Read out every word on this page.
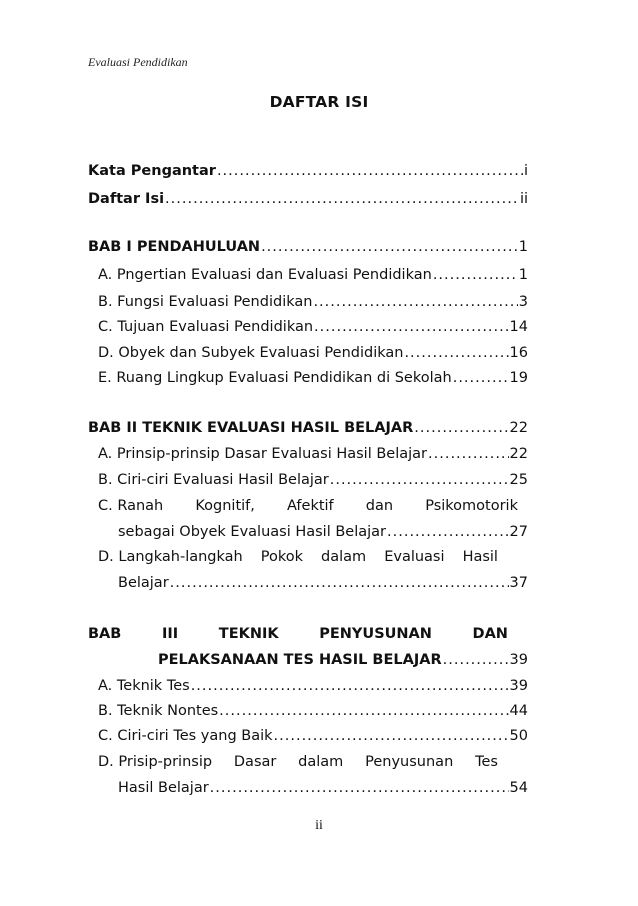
Evaluasi Pendidikan
DAFTAR ISI
Kata Pengantar .....	i
Daftar Isi .....	ii
BAB I PENDAHULUAN .....	1
A. Pngertian Evaluasi dan Evaluasi Pendidikan .....	1
B. Fungsi Evaluasi Pendidikan .....	3
C. Tujuan Evaluasi Pendidikan .....	14
D. Obyek dan Subyek Evaluasi Pendidikan .....	16
E. Ruang Lingkup Evaluasi Pendidikan di Sekolah .....	19
BAB II TEKNIK EVALUASI HASIL BELAJAR .....	22
A. Prinsip-prinsip Dasar Evaluasi Hasil Belajar .....	22
B. Ciri-ciri Evaluasi Hasil Belajar .....	25
C. Ranah Kognitif, Afektif dan Psikomotorik
sebagai Obyek Evaluasi Hasil Belajar .....	27
D. Langkah-langkah Pokok dalam Evaluasi Hasil
Belajar .....	37
BAB	III	TEKNIK	PENYUSUNAN	DAN
PELAKSANAAN TES HASIL BELAJAR .....	39
A. Teknik Tes .....	39
B. Teknik Nontes .....	44
C. Ciri-ciri Tes yang Baik .....	50
D. Prisip-prinsip Dasar dalam Penyusunan Tes
Hasil Belajar .....	54
ii
